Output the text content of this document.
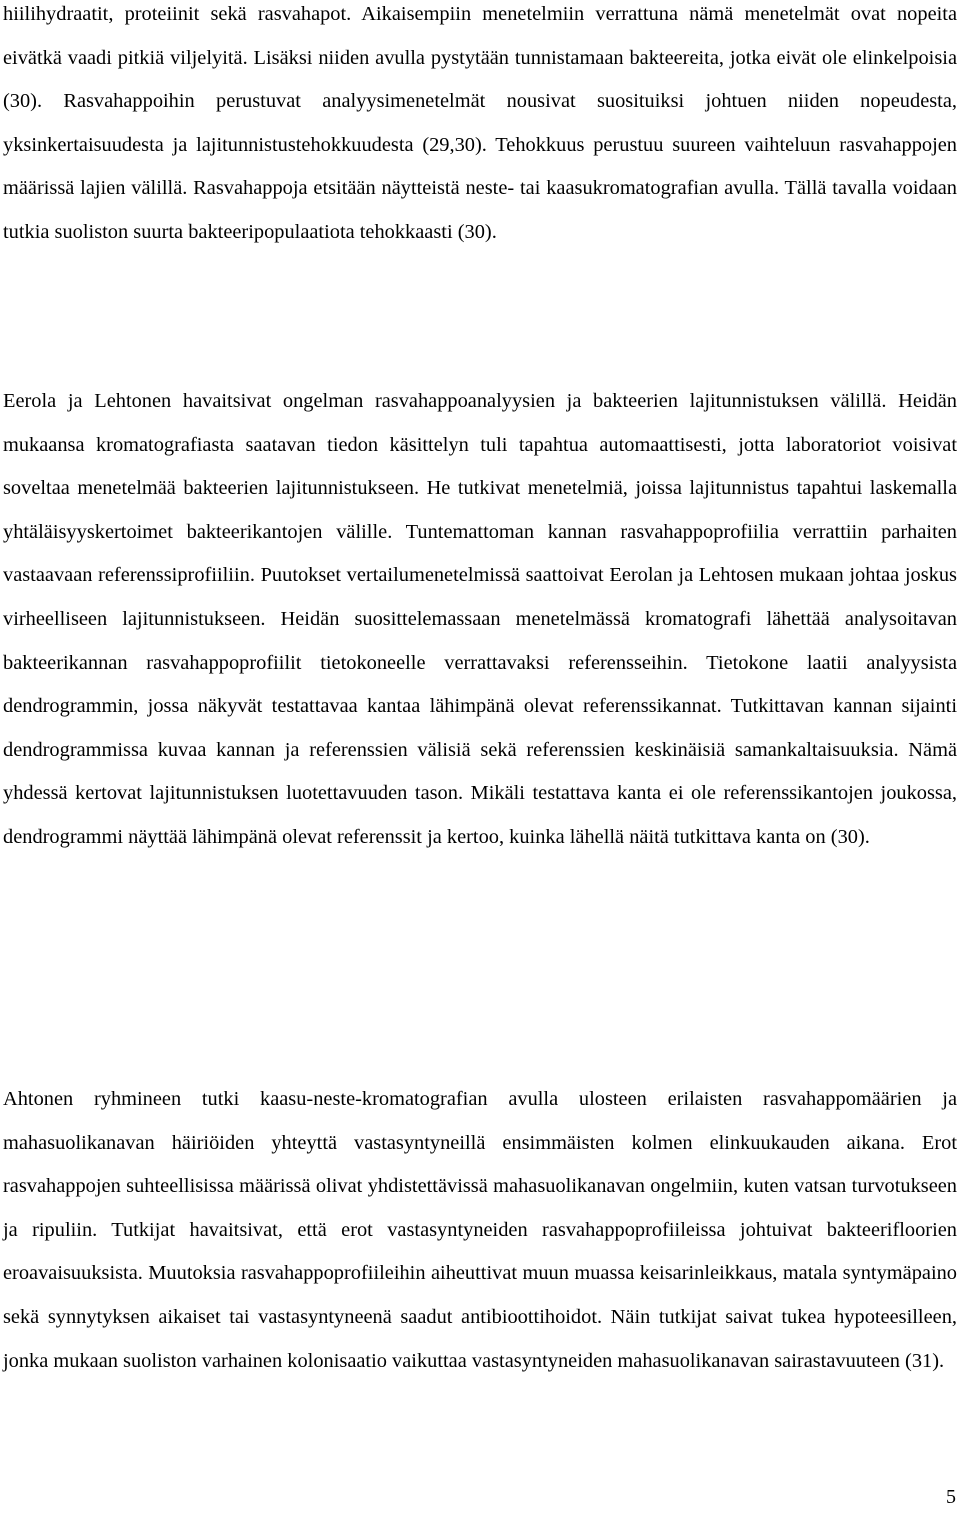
hiilihydraatit, proteiinit sekä rasvahapot. Aikaisempiin menetelmiin verrattuna nämä menetelmät ovat nopeita eivätkä vaadi pitkiä viljelyitä. Lisäksi niiden avulla pystytään tunnistamaan bakteereita, jotka eivät ole elinkelpoisia (30). Rasvahappoihin perustuvat analyysimenetelmät nousivat suosituiksi johtuen niiden nopeudesta, yksinkertaisuudesta ja lajitunnistustehokkuudesta (29,30). Tehokkuus perustuu suureen vaihteluun rasvahappojen määrissä lajien välillä. Rasvahappoja etsitään näytteistä neste- tai kaasukromatografian avulla. Tällä tavalla voidaan tutkia suoliston suurta bakteeripopulaatiota tehokkaasti (30).

Eerola ja Lehtonen havaitsivat ongelman rasvahappoanalyysien ja bakteerien lajitunnistuksen välillä. Heidän mukaansa kromatografiasta saatavan tiedon käsittelyn tuli tapahtua automaattisesti, jotta laboratoriot voisivat soveltaa menetelmää bakteerien lajitunnistukseen. He tutkivat menetelmiä, joissa lajitunnistus tapahtui laskemalla yhtäläisyyskertoimet bakteerikantojen välille. Tuntemattoman kannan rasvahappoprofiilia verrattiin parhaiten vastaavaan referenssiprofiiliin. Puutokset vertailumenetelmissä saattoivat Eerolan ja Lehtosen mukaan johtaa joskus virheelliseen lajitunnistukseen. Heidän suosittelemassaan menetelmässä kromatografi lähettää analysoitavan bakteerikannan rasvahappoprofiilit tietokoneelle verrattavaksi referensseihin. Tietokone laatii analyysista dendrogrammin, jossa näkyvät testattavaa kantaa lähimpänä olevat referenssikannat. Tutkittavan kannan sijainti dendrogrammissa kuvaa kannan ja referenssien välisiä sekä referenssien keskinäisiä samankaltaisuuksia. Nämä yhdessä kertovat lajitunnistuksen luotettavuuden tason. Mikäli testattava kanta ei ole referenssikantojen joukossa, dendrogrammi näyttää lähimpänä olevat referenssit ja kertoo, kuinka lähellä näitä tutkittava kanta on (30).

Ahtonen ryhmineen tutki kaasu-neste-kromatografian avulla ulosteen erilaisten rasvahappomäärien ja mahasuolikanavan häiriöiden yhteyttä vastasyntyneillä ensimmäisten kolmen elinkuukauden aikana. Erot rasvahappojen suhteellisissa määrissä olivat yhdistettävissä mahasuolikanavan ongelmiin, kuten vatsan turvotukseen ja ripuliin. Tutkijat havaitsivat, että erot vastasyntyneiden rasvahappoprofiileissa johtuivat bakteerifloorien eroavaisuuksista. Muutoksia rasvahappoprofiileihin aiheuttivat muun muassa keisarinleikkaus, matala syntymäpaino sekä synnytyksen aikaiset tai vastasyntyneenä saadut antibioottihoidot. Näin tutkijat saivat tukea hypoteesilleen, jonka mukaan suoliston varhainen kolonisaatio vaikuttaa vastasyntyneiden mahasuolikanavan sairastavuuteen (31).

5
